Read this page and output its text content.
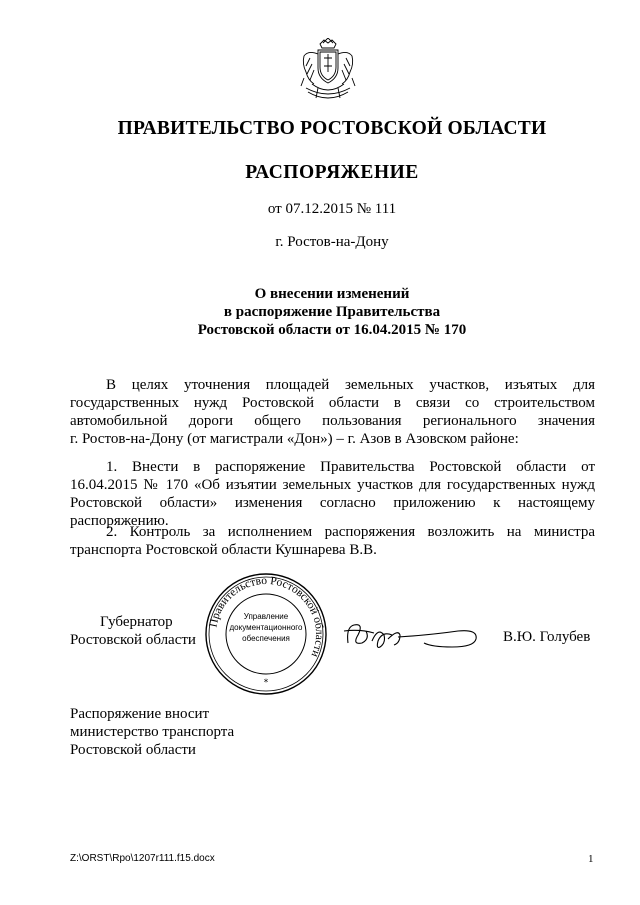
ПРАВИТЕЛЬСТВО РОСТОВСКОЙ ОБЛАСТИ
РАСПОРЯЖЕНИЕ
от 07.12.2015 № 111
г. Ростов-на-Дону
О внесении изменений
в распоряжение Правительства
Ростовской области от 16.04.2015 № 170
В целях уточнения площадей земельных участков, изъятых для
государственных нужд Ростовской области в связи со строительством
автомобильной дороги общего пользования регионального значения
г. Ростов-на-Дону (от магистрали «Дон») – г. Азов в Азовском районе:
1. Внести в распоряжение Правительства Ростовской области от
16.04.2015 № 170 «Об изъятии земельных участков для государственных нужд
Ростовской области» изменения согласно приложению к настоящему
распоряжению.
2. Контроль за исполнением распоряжения возложить на министра
транспорта Ростовской области Кушнарева В.В.
Губернатор
Ростовской области
Правительство Ростовской области
Управление
документационного
обеспечения
*
В.Ю. Голубев
Распоряжение вносит
министерство транспорта
Ростовской области
Z:\ORST\Rpo\1207r111.f15.docx	1
